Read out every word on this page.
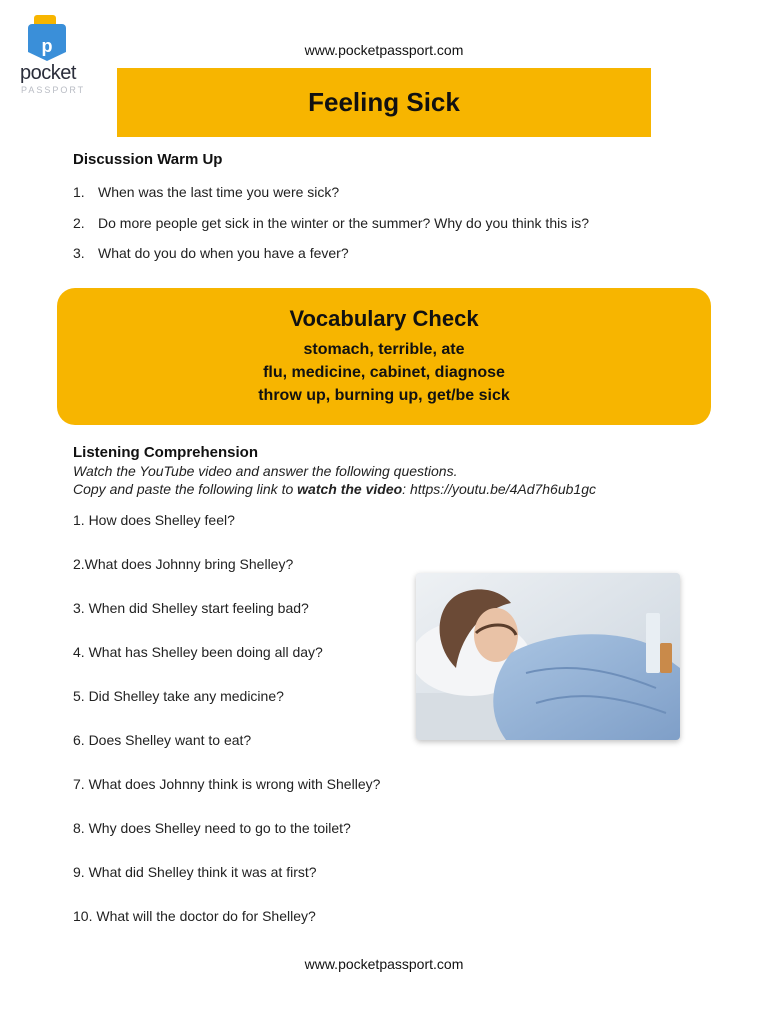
p
pocket
PASSPORT
www.pocketpassport.com
Feeling Sick
Discussion Warm Up
1. When was the last time you were sick?
2. Do more people get sick in the winter or the summer? Why do you think this is?
3. What do you do when you have a fever?
Vocabulary Check
stomach, terrible, ate
flu, medicine, cabinet, diagnose
throw up, burning up, get/be sick
Listening Comprehension
Watch the YouTube video and answer the following questions.
Copy and paste the following link to watch the video: https://youtu.be/4Ad7h6ub1gc
1. How does Shelley feel?
2.What does Johnny bring Shelley?
3. When did Shelley start feeling bad?
4. What has Shelley been doing all day?
5. Did Shelley take any medicine?
6. Does Shelley want to eat?
7. What does Johnny think is wrong with Shelley?
8. Why does Shelley need to go to the toilet?
9. What did Shelley think it was at first?
10. What will the doctor do for Shelley?
www.pocketpassport.com
